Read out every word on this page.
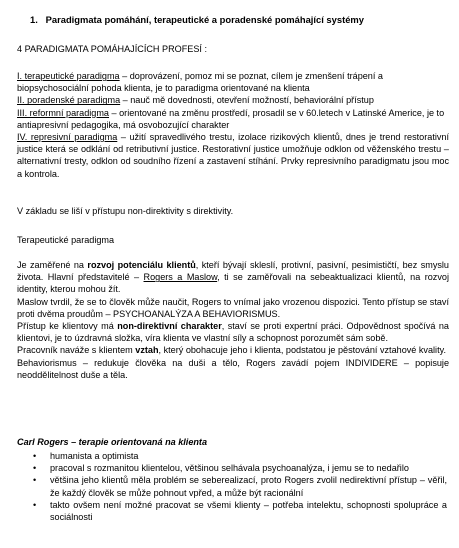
1. Paradigmata pomáhání, terapeutické a poradenské pomáhající systémy
4 PARADIGMATA POMÁHAJÍCÍCH PROFESÍ :
I. terapeutické paradigma – doprovázení, pomoz mi se poznat, cílem je zmenšení trápení a biopsychosociální pohoda klienta, je to paradigma orientované na klienta
II. poradenské paradigma – nauč mě dovednosti, otevření možností, behaviorální přístup
III. reformní paradigma – orientované na změnu prostředí, prosadil se v 60.letech v Latinské Americe, je to antiapresivní pedagogika, má osvobozující charakter
IV. represivní paradigma – užití spravedlivého trestu, izolace rizikových klientů, dnes je trend restorativní justice která se odklání od retributivní justice. Restorativní justice umožňuje odklon od věženského trestu – alternativní tresty, odklon od soudního řízení a zastavení stíhání. Prvky represivního paradigmatu jsou moc a kontrola.
V základu se liší v přístupu non-direktivity s direktivity.
Terapeutické paradigma
Je zaměřené na rozvoj potenciálu klientů, kteří bývají skleslí, protivní, pasivní, pesimističtí, bez smyslu života. Hlavní představitelé – Rogers a Maslow, ti se zaměřovali na sebeaktualizaci klientů, na rozvoj identity, kterou mohou žít.
Maslow tvrdil, že se to člověk může naučit, Rogers to vnímal jako vrozenou dispozici. Tento přístup se staví proti dvěma proudům – PSYCHOANALÝZA A BEHAVIORISMUS.
Přístup ke klientovy má non-direktivní charakter, staví se proti expertní práci. Odpovědnost spočívá na klientovi, je to úzdravná složka, víra klienta ve vlastní síly a schopnost porozumět sám sobě.
Pracovník naváže s klientem vztah, který obohacuje jeho i klienta, podstatou je pěstování vztahové kvality.
Behaviorismus – redukuje člověka na duši a tělo, Rogers zavádí pojem INDIVIDERE – popisuje neoddělitelnost duše a těla.
Carl Rogers – terapie orientovaná na klienta
• humanista a optimista
• pracoval s rozmanitou klientelou, většinou selhávala psychoanalýza, i jemu se to nedařilo
• většina jeho klientů měla problém se seberealizací, proto Rogers zvolil nedirektivní přístup – věřil, že každý člověk se může pohnout vpřed, a může být racionální
• takto ovšem není možné pracovat se všemi klienty – potřeba intelektu, schopnosti spolupráce a sociálnosti
